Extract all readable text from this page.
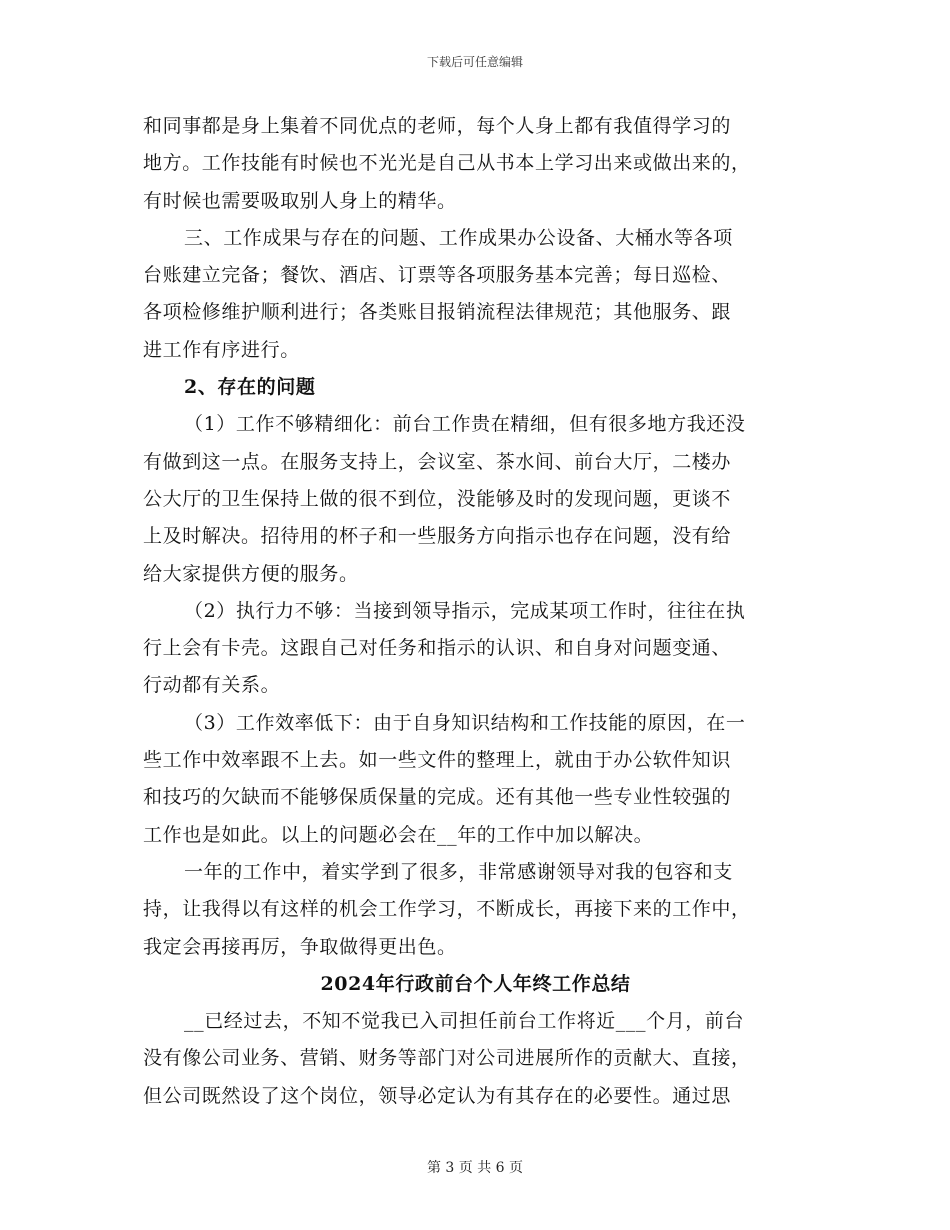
下载后可任意编辑
和同事都是身上集着不同优点的老师，每个人身上都有我值得学习的
地方。工作技能有时候也不光光是自己从书本上学习出来或做出来的，
有时候也需要吸取别人身上的精华。
三、工作成果与存在的问题、工作成果办公设备、大桶水等各项
台账建立完备；餐饮、酒店、订票等各项服务基本完善；每日巡检、
各项检修维护顺利进行；各类账目报销流程法律规范；其他服务、跟
进工作有序进行。
2、存在的问题
（1）工作不够精细化：前台工作贵在精细，但有很多地方我还没
有做到这一点。在服务支持上，会议室、茶水间、前台大厅，二楼办
公大厅的卫生保持上做的很不到位，没能够及时的发现问题，更谈不
上及时解决。招待用的杯子和一些服务方向指示也存在问题，没有给
给大家提供方便的服务。
（2）执行力不够：当接到领导指示，完成某项工作时，往往在执
行上会有卡壳。这跟自己对任务和指示的认识、和自身对问题变通、
行动都有关系。
（3）工作效率低下：由于自身知识结构和工作技能的原因，在一
些工作中效率跟不上去。如一些文件的整理上，就由于办公软件知识
和技巧的欠缺而不能够保质保量的完成。还有其他一些专业性较强的
工作也是如此。以上的问题必会在__年的工作中加以解决。
一年的工作中，着实学到了很多，非常感谢领导对我的包容和支
持，让我得以有这样的机会工作学习，不断成长，再接下来的工作中，
我定会再接再厉，争取做得更出色。
2024年行政前台个人年终工作总结
__已经过去，不知不觉我已入司担任前台工作将近___个月，前台
没有像公司业务、营销、财务等部门对公司进展所作的贡献大、直接，
但公司既然设了这个岗位，领导必定认为有其存在的必要性。通过思
第 3 页 共 6 页
